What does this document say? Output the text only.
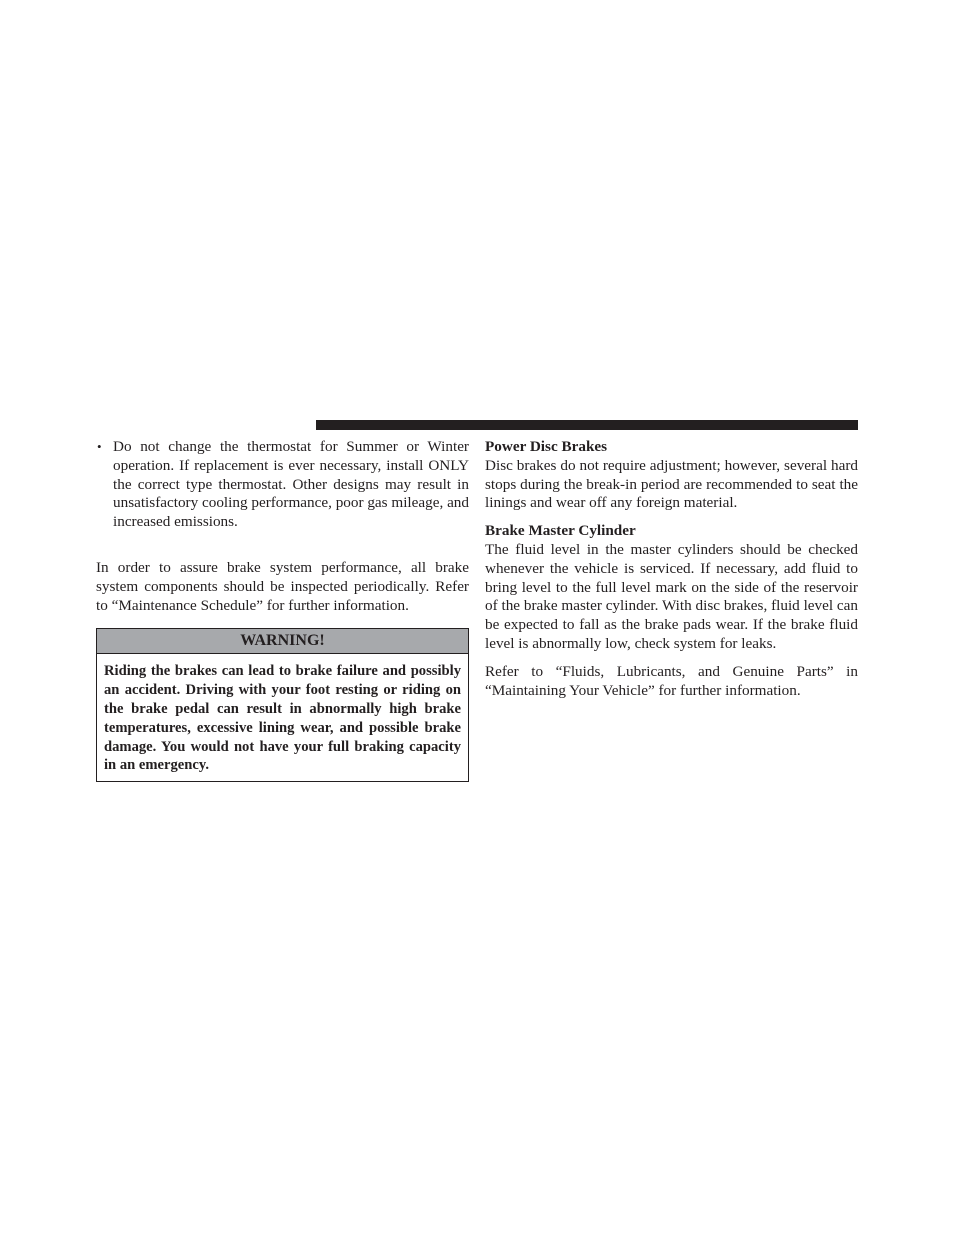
• Do not change the thermostat for Summer or Winter operation. If replacement is ever necessary, install ONLY the correct type thermostat. Other designs may result in unsatisfactory cooling performance, poor gas mileage, and increased emissions.

In order to assure brake system performance, all brake system components should be inspected periodically. Refer to “Maintenance Schedule” for further information.

WARNING!
Riding the brakes can lead to brake failure and possibly an accident. Driving with your foot resting or riding on the brake pedal can result in abnormally high brake temperatures, excessive lining wear, and possible brake damage. You would not have your full braking capacity in an emergency.

Power Disc Brakes

Disc brakes do not require adjustment; however, several hard stops during the break-in period are recommended to seat the linings and wear off any foreign material.

Brake Master Cylinder

The fluid level in the master cylinders should be checked whenever the vehicle is serviced. If necessary, add fluid to bring level to the full level mark on the side of the reservoir of the brake master cylinder. With disc brakes, fluid level can be expected to fall as the brake pads wear. If the brake fluid level is abnormally low, check system for leaks.

Refer to “Fluids, Lubricants, and Genuine Parts” in “Maintaining Your Vehicle” for further information.
